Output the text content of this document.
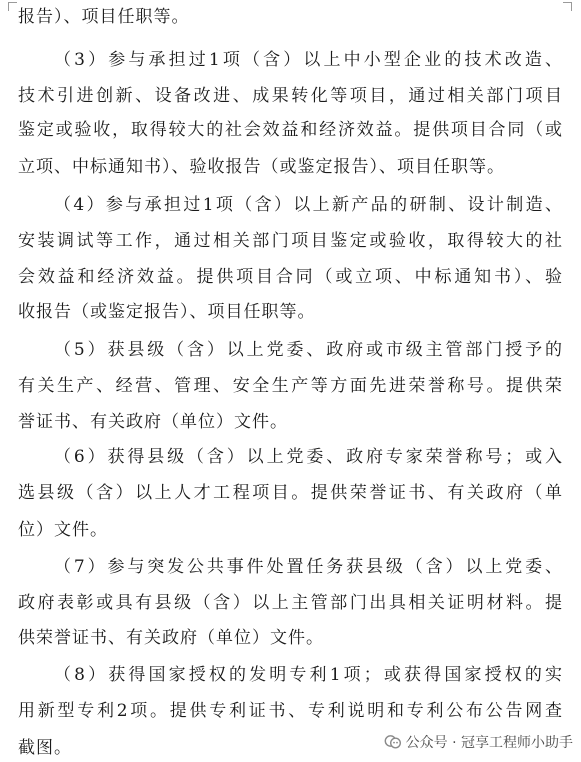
报告）、项目任职等。
（3）参与承担过1项（含）以上中小型企业的技术改造、
技术引进创新、设备改进、成果转化等项目，通过相关部门项目
鉴定或验收，取得较大的社会效益和经济效益。提供项目合同（或
立项、中标通知书）、验收报告（或鉴定报告）、项目任职等。
（4）参与承担过1项（含）以上新产品的研制、设计制造、
安装调试等工作，通过相关部门项目鉴定或验收，取得较大的社
会效益和经济效益。提供项目合同（或立项、中标通知书）、验
收报告（或鉴定报告）、项目任职等。
（5）获县级（含）以上党委、政府或市级主管部门授予的
有关生产、经营、管理、安全生产等方面先进荣誉称号。提供荣
誉证书、有关政府（单位）文件。
（6）获得县级（含）以上党委、政府专家荣誉称号；或入
选县级（含）以上人才工程项目。提供荣誉证书、有关政府（单
位）文件。
（7）参与突发公共事件处置任务获县级（含）以上党委、
政府表彰或具有县级（含）以上主管部门出具相关证明材料。提
供荣誉证书、有关政府（单位）文件。
（8）获得国家授权的发明专利1项；或获得国家授权的实
用新型专利2项。提供专利证书、专利说明和专利公布公告网查
截图。	公众号 · 冠享工程师小助手
